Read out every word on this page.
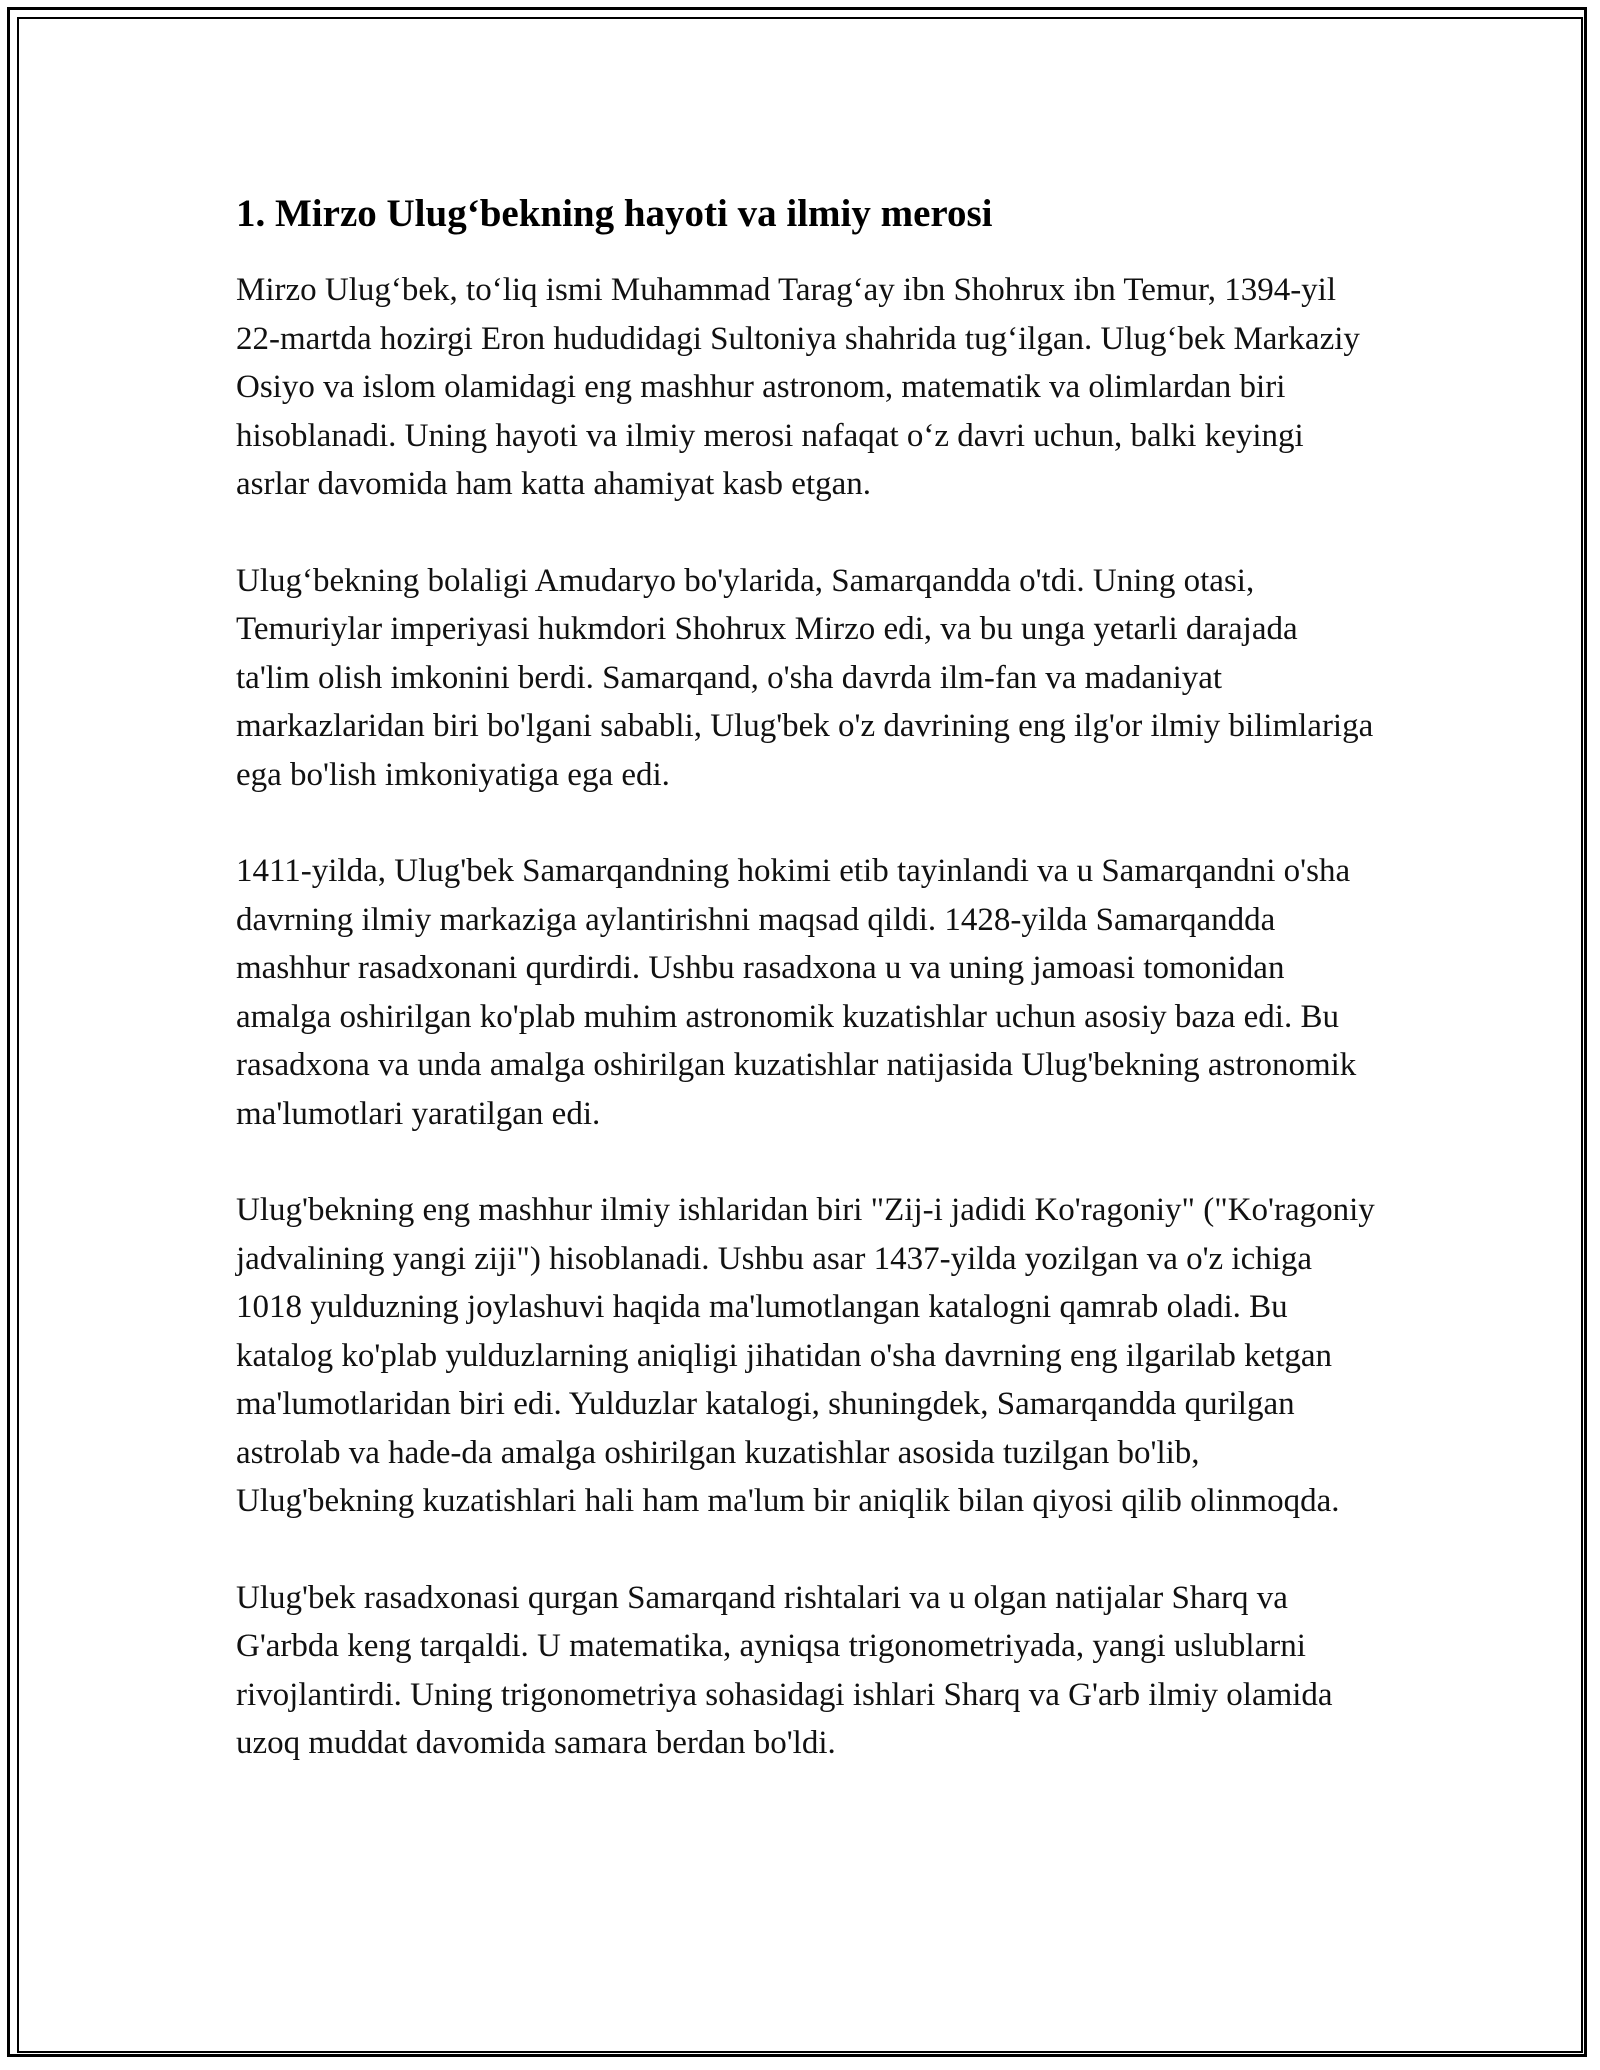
1. Mirzo Ulug‘bekning hayoti va ilmiy merosi

Mirzo Ulug‘bek, to‘liq ismi Muhammad Tarag‘ay ibn Shohrux ibn Temur, 1394-yil 22-martda hozirgi Eron hududidagi Sultoniya shahrida tug‘ilgan. Ulug‘bek Markaziy Osiyo va islom olamidagi eng mashhur astronom, matematik va olimlardan biri hisoblanadi. Uning hayoti va ilmiy merosi nafaqat o‘z davri uchun, balki keyingi asrlar davomida ham katta ahamiyat kasb etgan.

Ulug‘bekning bolaligi Amudaryo bo'ylarida, Samarqandda o'tdi. Uning otasi, Temuriylar imperiyasi hukmdori Shohrux Mirzo edi, va bu unga yetarli darajada ta'lim olish imkonini berdi. Samarqand, o'sha davrda ilm-fan va madaniyat markazlaridan biri bo'lgani sababli, Ulug'bek o'z davrining eng ilg'or ilmiy bilimlariga ega bo'lish imkoniyatiga ega edi.

1411-yilda, Ulug'bek Samarqandning hokimi etib tayinlandi va u Samarqandni o'sha davrning ilmiy markaziga aylantirishni maqsad qildi. 1428-yilda Samarqandda mashhur rasadxonani qurdirdi. Ushbu rasadxona u va uning jamoasi tomonidan amalga oshirilgan ko'plab muhim astronomik kuzatishlar uchun asosiy baza edi. Bu rasadxona va unda amalga oshirilgan kuzatishlar natijasida Ulug'bekning astronomik ma'lumotlari yaratilgan edi.

Ulug'bekning eng mashhur ilmiy ishlaridan biri "Zij-i jadidi Ko'ragoniy" ("Ko'ragoniy jadvalining yangi ziji") hisoblanadi. Ushbu asar 1437-yilda yozilgan va o'z ichiga 1018 yulduzning joylashuvi haqida ma'lumotlangan katalogni qamrab oladi. Bu katalog ko'plab yulduzlarning aniqligi jihatidan o'sha davrning eng ilgarilab ketgan ma'lumotlaridan biri edi. Yulduzlar katalogi, shuningdek, Samarqandda qurilgan astrolab va hade-da amalga oshirilgan kuzatishlar asosida tuzilgan bo'lib, Ulug'bekning kuzatishlari hali ham ma'lum bir aniqlik bilan qiyosi qilib olinmoqda.

Ulug'bek rasadxonasi qurgan Samarqand rishtalari va u olgan natijalar Sharq va G'arbda keng tarqaldi. U matematika, ayniqsa trigonometriyada, yangi uslublarni rivojlantirdi. Uning trigonometriya sohasidagi ishlari Sharq va G'arb ilmiy olamida uzoq muddat davomida samara berdan bo'ldi.
